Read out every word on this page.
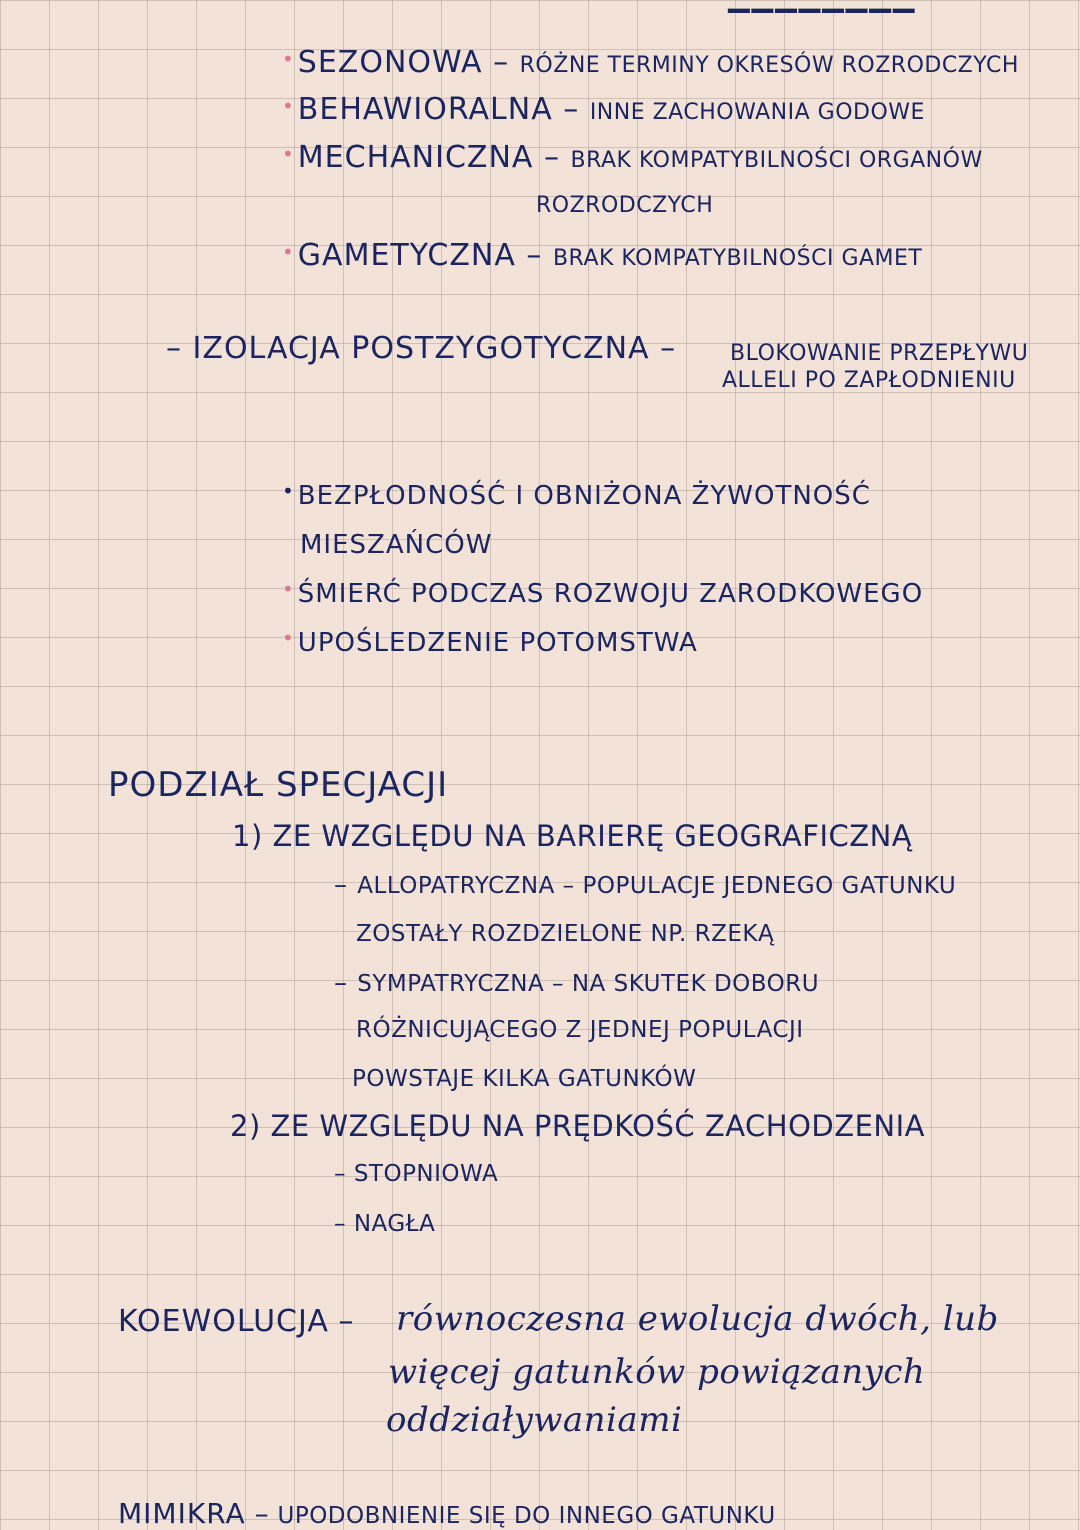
• SEZONOWA – RÓŻNE TERMINY OKRESÓW ROZRODCZYCH
• BEHAWIORALNA – INNE ZACHOWANIA GODOWE
• MECHANICZNA – BRAK KOMPATYBILNOŚCI ORGANÓW
ROZRODCZYCH
• GAMETYCZNA – BRAK KOMPATYBILNOŚCI GAMET
– IZOLACJA POSTZYGOTYCZNA – BLOKOWANIE PRZEPŁYWU
ALLELI PO ZAPŁODNIENIU
• BEZPŁODNOŚĆ I OBNIŻONA ŻYWOTNOŚĆ
MIESZAŃCÓW
• ŚMIERĆ PODCZAS ROZWOJU ZARODKOWEGO
• UPOŚLEDZENIE POTOMSTWA
PODZIAŁ SPECJACJI
1) ZE WZGLĘDU NA BARIERĘ GEOGRAFICZNĄ
– ALLOPATRYCZNA – POPULACJE JEDNEGO GATUNKU
ZOSTAŁY ROZDZIELONE NP. RZEKĄ
– SYMPATRYCZNA – NA SKUTEK DOBORU
RÓŻNICUJĄCEGO Z JEDNEJ POPULACJI
POWSTAJE KILKA GATUNKÓW
2) ZE WZGLĘDU NA PRĘDKOŚĆ ZACHODZENIA
– STOPNIOWA
– NAGŁA
KOEWOLUCJA – równoczesna ewolucja dwóch, lub
więcej gatunków powiązanych
oddziaływaniami
MIMIKRA – UPODOBNIENIE SIĘ DO INNEGO GATUNKU
